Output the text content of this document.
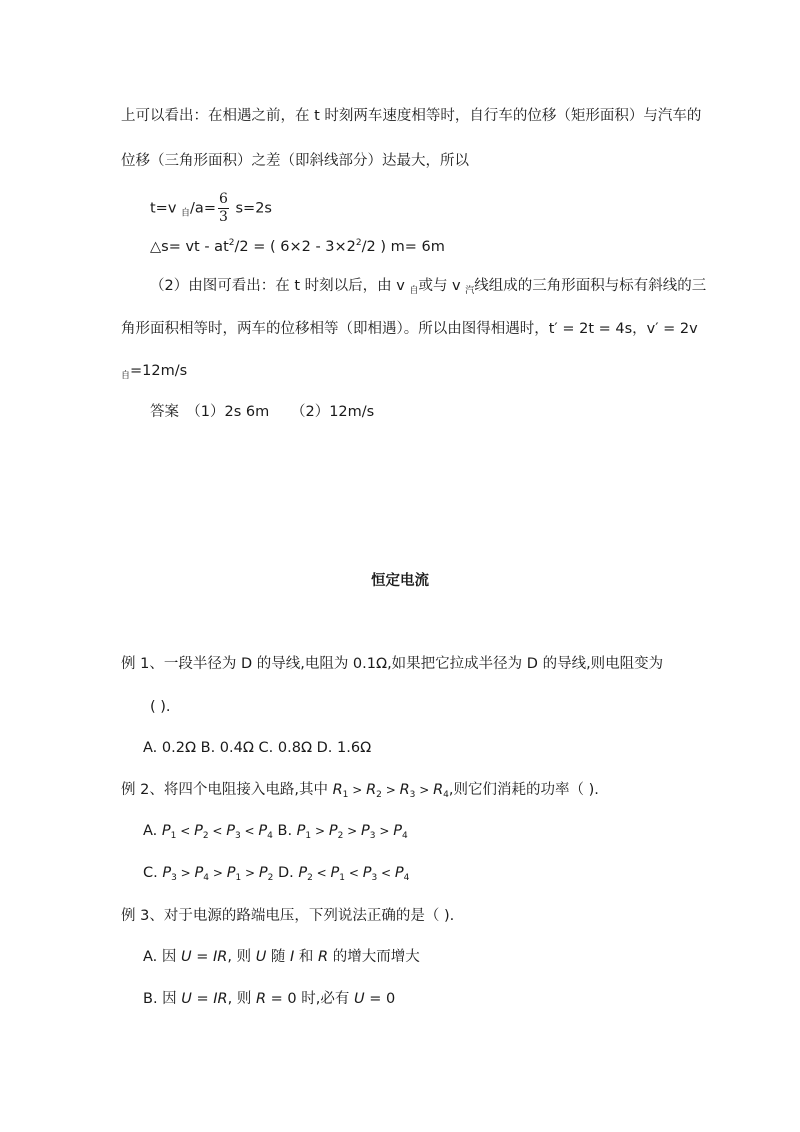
上可以看出：在相遇之前，在 t 时刻两车速度相等时，自行车的位移（矩形面积）与汽车的
位移（三角形面积）之差（即斜线部分）达最大，所以
t=v $_自/a= \frac{6}{3} s=2s$
△s= vt - $at^2/2$ = ( $6\times 2 - 3\times 2^2/2$ ) m= 6m
（2）由图可看出：在 t 时刻以后，由 v $_自$或与 v $_汽$线组成的三角形面积与标有斜线的三
角形面积相等时，两车的位移相等（即相遇）。所以由图得相遇时，t′ = 2t = 4s，v′ = 2v
$_自$=12m/s
答案　 （1）2s 6m　　（2）12m/s
恒定电流
例 1、一段半径为 D 的导线,电阻为 0.1Ω,如果把它拉成半径为 D 的导线,则电阻变为
( ).
A. 0.2Ω B. 0.4Ω C. 0.8Ω D. 1.6Ω
例 2、将四个电阻接入电路,其中 $R_1 > R_2 > R_3 > R_4$,则它们消耗的功率（ ).
A. $P_1 < P_2 < P_3 < P_4$ B. $P_1 > P_2 > P_3 > P_4$
C. $P_3 > P_4 > P_1 > P_2$ D. $P_2 < P_1 < P_3 < P_4$
例 3、对于电源的路端电压，下列说法正确的是（ ).
A. 因 U = IR, 则 U 随 I 和 R 的增大而增大
B. 因 U = IR, 则 R = 0 时,必有 U = 0
